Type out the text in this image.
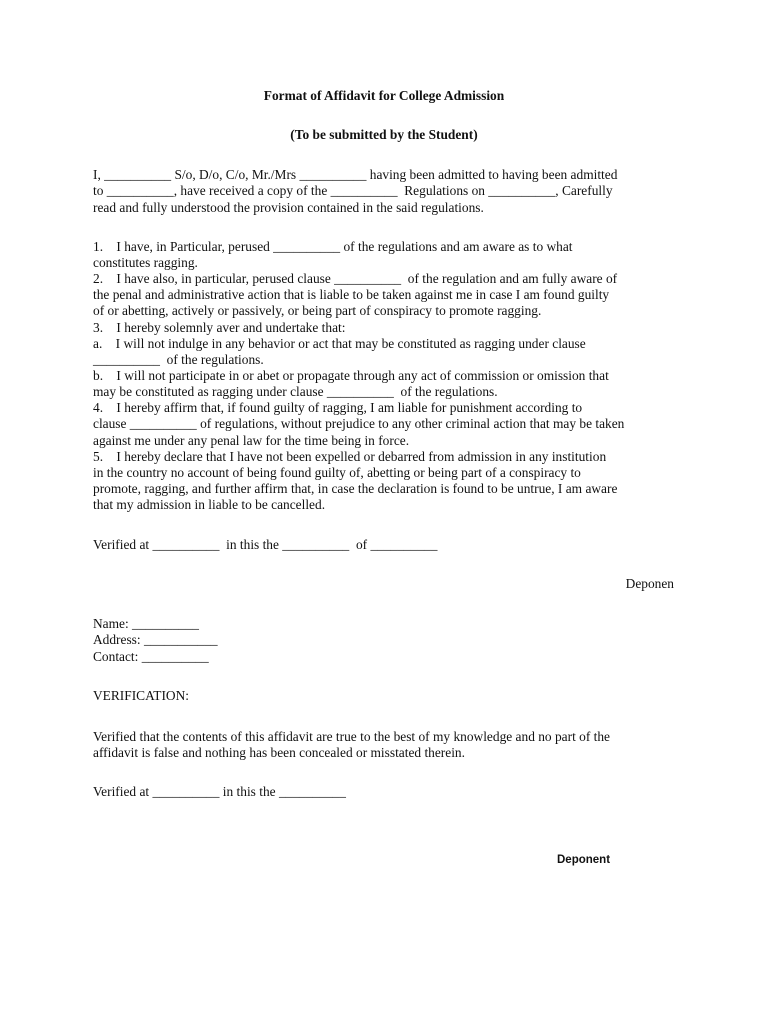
Format of Affidavit for College Admission
(To be submitted by the Student)
I, __________ S/o, D/o, C/o, Mr./Mrs __________ having been admitted to having been admitted
to __________, have received a copy of the __________  Regulations on __________, Carefully
read and fully understood the provision contained in the said regulations.
1.    I have, in Particular, perused __________ of the regulations and am aware as to what
constitutes ragging.
2.    I have also, in particular, perused clause __________  of the regulation and am fully aware of
the penal and administrative action that is liable to be taken against me in case I am found guilty
of or abetting, actively or passively, or being part of conspiracy to promote ragging.
3.    I hereby solemnly aver and undertake that:
a.    I will not indulge in any behavior or act that may be constituted as ragging under clause
__________  of the regulations.
b.    I will not participate in or abet or propagate through any act of commission or omission that
may be constituted as ragging under clause __________  of the regulations.
4.    I hereby affirm that, if found guilty of ragging, I am liable for punishment according to
clause __________ of regulations, without prejudice to any other criminal action that may be taken
against me under any penal law for the time being in force.
5.    I hereby declare that I have not been expelled or debarred from admission in any institution
in the country no account of being found guilty of, abetting or being part of a conspiracy to
promote, ragging, and further affirm that, in case the declaration is found to be untrue, I am aware
that my admission in liable to be cancelled.
Verified at __________  in this the __________  of __________
Deponen
Name: __________
Address: ___________
Contact: __________
VERIFICATION:
Verified that the contents of this affidavit are true to the best of my knowledge and no part of the
affidavit is false and nothing has been concealed or misstated therein.
Verified at __________ in this the __________
Deponent
